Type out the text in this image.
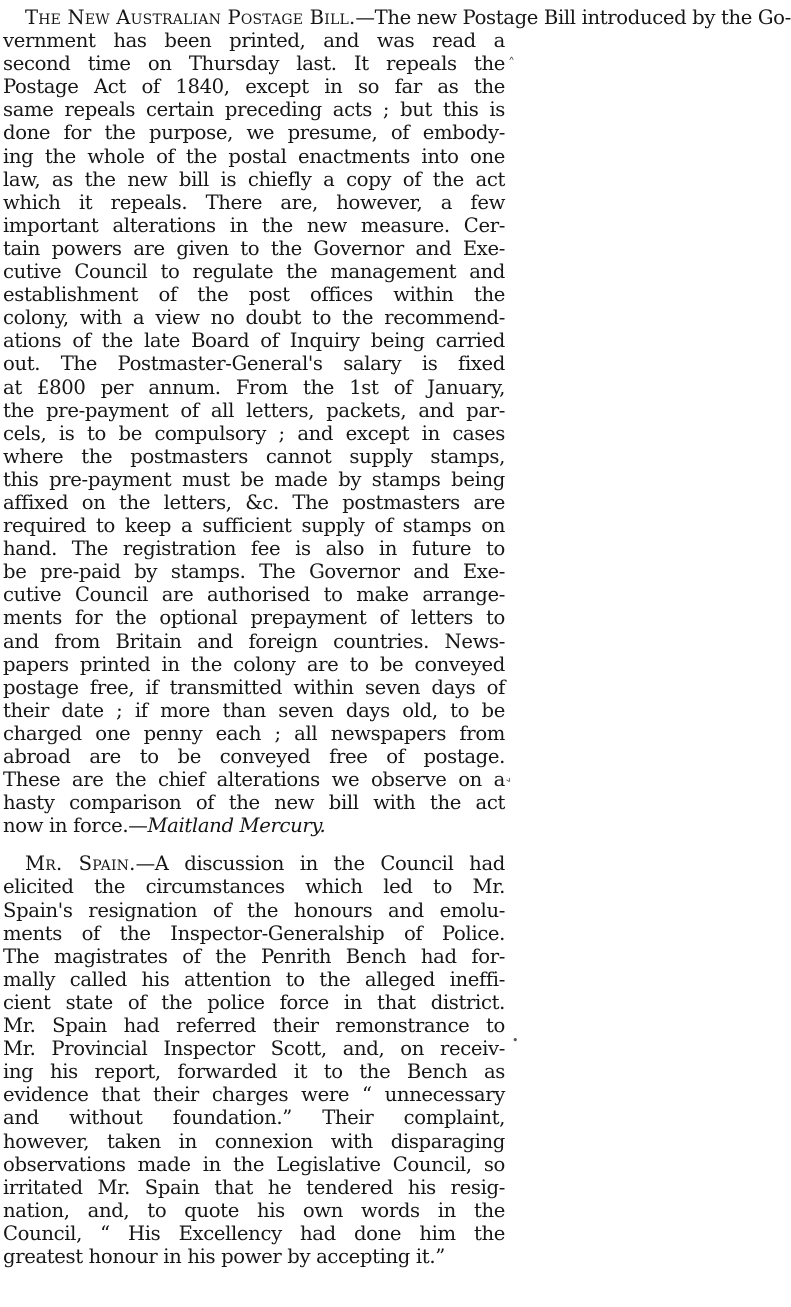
The New Australian Postage Bill.—The new Postage Bill introduced by the Go-
vernment has been printed, and was read a
second time on Thursday last. It repeals the
Postage Act of 1840, except in so far as the
same repeals certain preceding acts ; but this is
done for the purpose, we presume, of embody-
ing the whole of the postal enactments into one
law, as the new bill is chiefly a copy of the act
which it repeals. There are, however, a few
important alterations in the new measure. Cer-
tain powers are given to the Governor and Exe-
cutive Council to regulate the management and
establishment of the post offices within the
colony, with a view no doubt to the recommend-
ations of the late Board of Inquiry being carried
out. The Postmaster-General's salary is fixed
at £800 per annum. From the 1st of January,
the pre-payment of all letters, packets, and par-
cels, is to be compulsory ; and except in cases
where the postmasters cannot supply stamps,
this pre-payment must be made by stamps being
affixed on the letters, &c. The postmasters are
required to keep a sufficient supply of stamps on
hand. The registration fee is also in future to
be pre-paid by stamps. The Governor and Exe-
cutive Council are authorised to make arrange-
ments for the optional prepayment of letters to
and from Britain and foreign countries. News-
papers printed in the colony are to be conveyed
postage free, if transmitted within seven days of
their date ; if more than seven days old, to be
charged one penny each ; all newspapers from
abroad are to be conveyed free of postage.
These are the chief alterations we observe on a
hasty comparison of the new bill with the act
now in force.—Maitland Mercury.
Mr. Spain.—A discussion in the Council had
elicited the circumstances which led to Mr.
Spain's resignation of the honours and emolu-
ments of the Inspector-Generalship of Police.
The magistrates of the Penrith Bench had for-
mally called his attention to the alleged ineffi-
cient state of the police force in that district.
Mr. Spain had referred their remonstrance to
Mr. Provincial Inspector Scott, and, on receiv-
ing his report, forwarded it to the Bench as
evidence that their charges were “ unnecessary
and without foundation.” Their complaint,
however, taken in connexion with disparaging
observations made in the Legislative Council, so
irritated Mr. Spain that he tendered his resig-
nation, and, to quote his own words in the
Council, “ His Excellency had done him the
greatest honour in his power by accepting it.”
˄
˅
•
